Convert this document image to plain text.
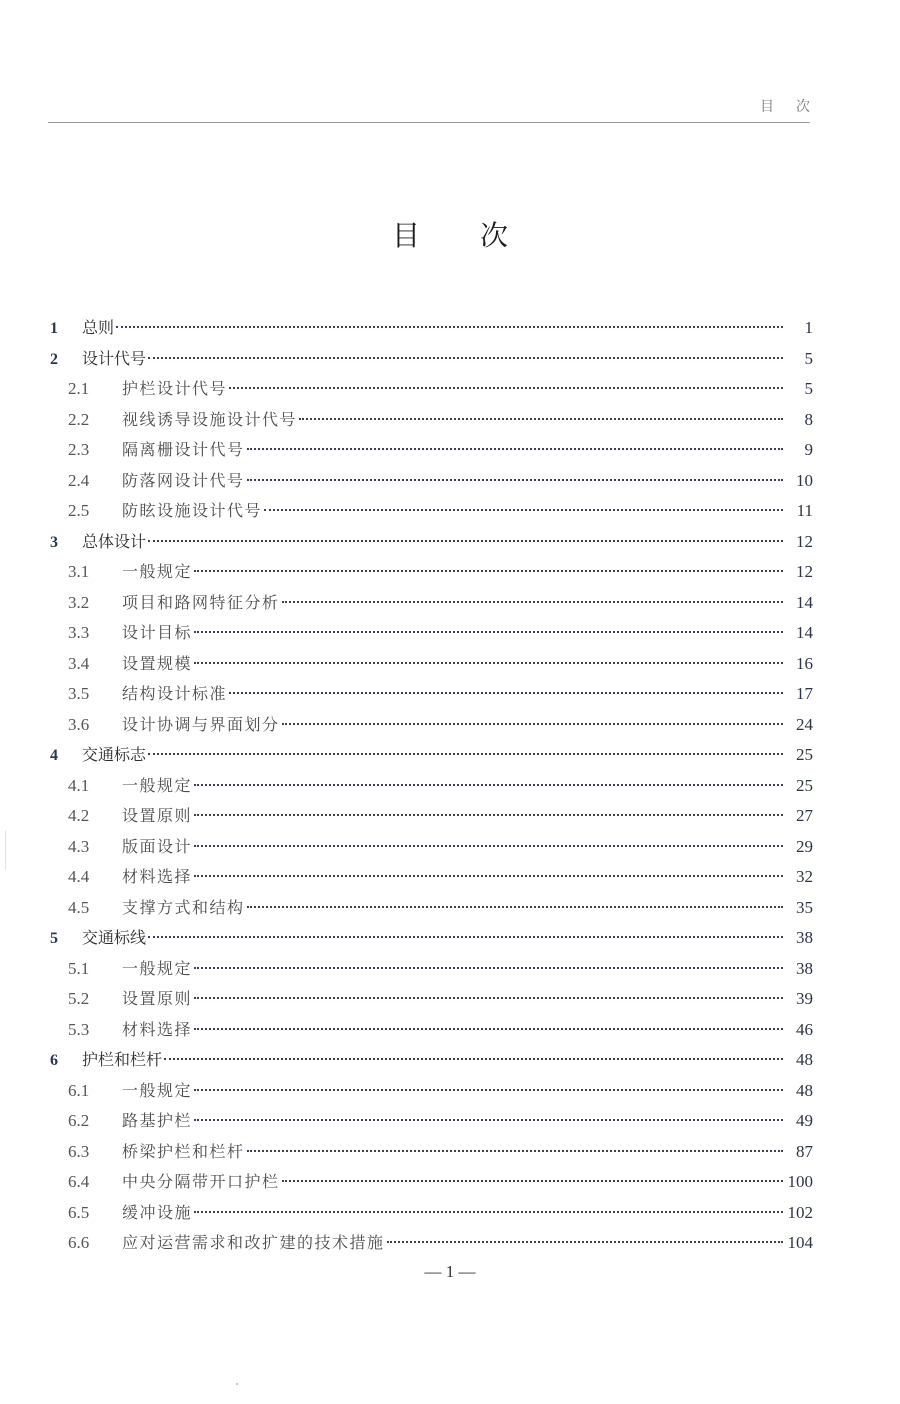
目次
目次
1	总则	1
2	设计代号	5
2.1	护栏设计代号	5
2.2	视线诱导设施设计代号	8
2.3	隔离栅设计代号	9
2.4	防落网设计代号	10
2.5	防眩设施设计代号	11
3	总体设计	12
3.1	一般规定	12
3.2	项目和路网特征分析	14
3.3	设计目标	14
3.4	设置规模	16
3.5	结构设计标准	17
3.6	设计协调与界面划分	24
4	交通标志	25
4.1	一般规定	25
4.2	设置原则	27
4.3	版面设计	29
4.4	材料选择	32
4.5	支撑方式和结构	35
5	交通标线	38
5.1	一般规定	38
5.2	设置原则	39
5.3	材料选择	46
6	护栏和栏杆	48
6.1	一般规定	48
6.2	路基护栏	49
6.3	桥梁护栏和栏杆	87
6.4	中央分隔带开口护栏	100
6.5	缓冲设施	102
6.6	应对运营需求和改扩建的技术措施	104
— 1 —
